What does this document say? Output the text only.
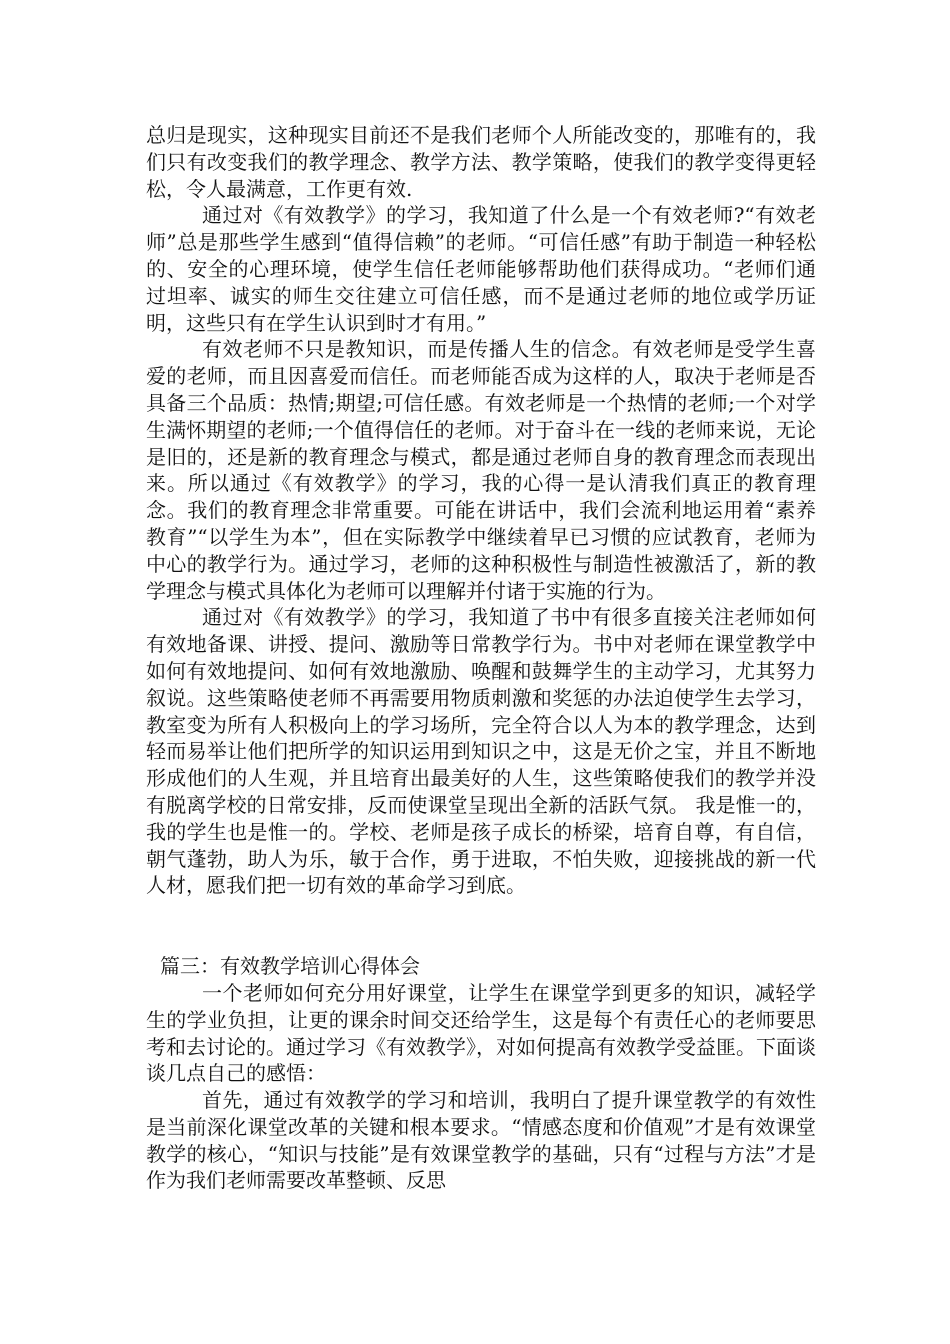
总归是现实，这种现实目前还不是我们老师个人所能改变的，那唯有的，我们只有改变我们的教学理念、教学方法、教学策略，使我们的教学变得更轻松，令人最满意，工作更有效.

通过对《有效教学》的学习，我知道了什么是一个有效老师?“有效老师”总是那些学生感到“值得信赖”的老师。“可信任感”有助于制造一种轻松的、安全的心理环境，使学生信任老师能够帮助他们获得成功。“老师们通过坦率、诚实的师生交往建立可信任感，而不是通过老师的地位或学历证明，这些只有在学生认识到时才有用。”

有效老师不只是教知识，而是传播人生的信念。有效老师是受学生喜爱的老师，而且因喜爱而信任。而老师能否成为这样的人，取决于老师是否具备三个品质：热情;期望;可信任感。有效老师是一个热情的老师;一个对学生满怀期望的老师;一个值得信任的老师。对于奋斗在一线的老师来说，无论是旧的，还是新的教育理念与模式，都是通过老师自身的教育理念而表现出来。所以通过《有效教学》的学习，我的心得一是认清我们真正的教育理念。我们的教育理念非常重要。可能在讲话中，我们会流利地运用着“素养教育”“以学生为本”，但在实际教学中继续着早已习惯的应试教育，老师为中心的教学行为。通过学习，老师的这种积极性与制造性被激活了，新的教学理念与模式具体化为老师可以理解并付诸于实施的行为。

通过对《有效教学》的学习，我知道了书中有很多直接关注老师如何有效地备课、讲授、提问、激励等日常教学行为。书中对老师在课堂教学中如何有效地提问、如何有效地激励、唤醒和鼓舞学生的主动学习，尤其努力叙说。这些策略使老师不再需要用物质刺激和奖惩的办法迫使学生去学习，教室变为所有人积极向上的学习场所，完全符合以人为本的教学理念，达到轻而易举让他们把所学的知识运用到知识之中，这是无价之宝，并且不断地形成他们的人生观，并且培育出最美好的人生，这些策略使我们的教学并没有脱离学校的日常安排，反而使课堂呈现出全新的活跃气氛。 我是惟一的，我的学生也是惟一的。学校、老师是孩子成长的桥梁，培育自尊，有自信，朝气蓬勃，助人为乐，敏于合作，勇于进取，不怕失败，迎接挑战的新一代人材，愿我们把一切有效的革命学习到底。

篇三：有效教学培训心得体会

一个老师如何充分用好课堂，让学生在课堂学到更多的知识，减轻学生的学业负担，让更的课余时间交还给学生，这是每个有责任心的老师要思考和去讨论的。通过学习《有效教学》，对如何提高有效教学受益匪。下面谈谈几点自己的感悟：

首先，通过有效教学的学习和培训，我明白了提升课堂教学的有效性是当前深化课堂改革的关键和根本要求。“情感态度和价值观”才是有效课堂教学的核心，“知识与技能”是有效课堂教学的基础，只有“过程与方法”才是作为我们老师需要改革整顿、反思
